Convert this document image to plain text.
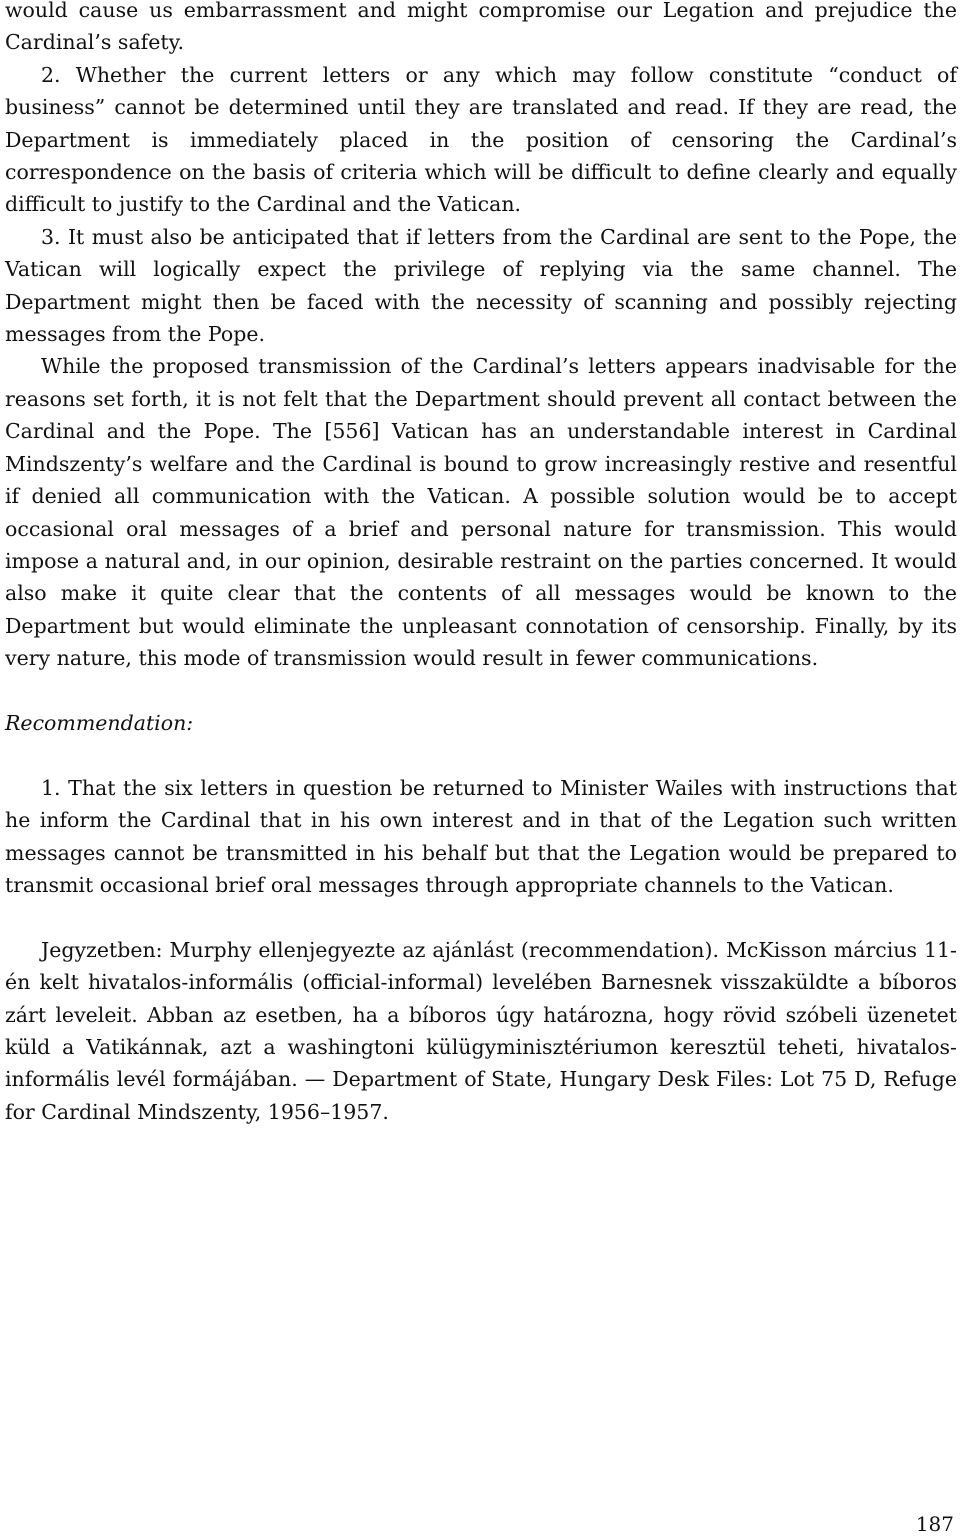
would cause us embarrassment and might compromise our Legation and prejudice the Cardinal’s safety.

2. Whether the current letters or any which may follow constitute “conduct of business” cannot be determined until they are translated and read. If they are read, the Department is immediately placed in the position of censoring the Cardinal’s correspondence on the basis of criteria which will be difficult to define clearly and equally difficult to justify to the Cardinal and the Vatican.

3. It must also be anticipated that if letters from the Cardinal are sent to the Pope, the Vatican will logically expect the privilege of replying via the same channel. The Department might then be faced with the necessity of scanning and possibly rejecting messages from the Pope.

While the proposed transmission of the Cardinal’s letters appears inadvisable for the reasons set forth, it is not felt that the Department should prevent all contact between the Cardinal and the Pope. The [556] Vatican has an understandable interest in Cardinal Mindszenty’s welfare and the Cardinal is bound to grow increasingly restive and resentful if denied all communication with the Vatican. A possible solution would be to accept occasional oral messages of a brief and personal nature for transmission. This would impose a natural and, in our opinion, desirable restraint on the parties concerned. It would also make it quite clear that the contents of all messages would be known to the Department but would eliminate the unpleasant connotation of censorship. Finally, by its very nature, this mode of transmission would result in fewer communications.

Recommendation:

1. That the six letters in question be returned to Minister Wailes with instructions that he inform the Cardinal that in his own interest and in that of the Legation such written messages cannot be transmitted in his behalf but that the Legation would be prepared to transmit occasional brief oral messages through appropriate channels to the Vatican.

Jegyzetben: Murphy ellenjegyezte az ajánlást (recommendation). McKisson március 11-én kelt hivatalos-informális (official-informal) levelében Barnesnek visszaküldte a bíboros zárt leveleit. Abban az esetben, ha a bíboros úgy határozna, hogy rövid szóbeli üzenetet küld a Vatikánnak, azt a washingtoni külügyminisztériumon keresztül teheti, hivatalos-informális levél formájában. — Department of State, Hungary Desk Files: Lot 75 D, Refuge for Cardinal Mindszenty, 1956–1957.

187
